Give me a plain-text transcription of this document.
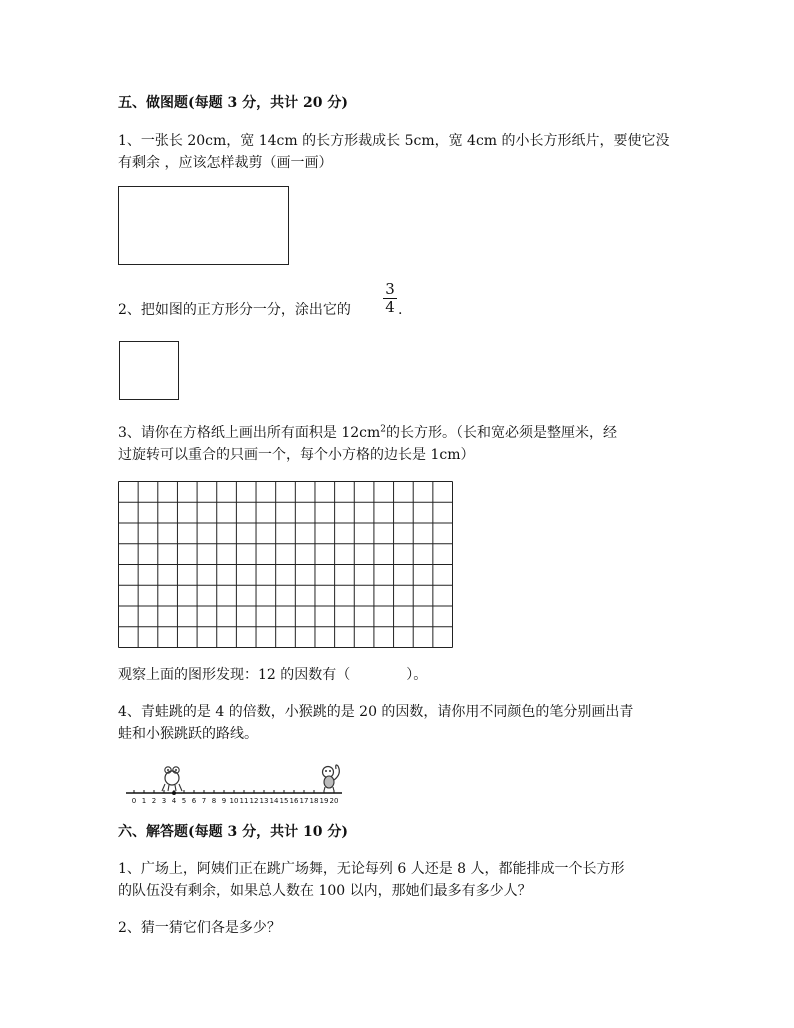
五、做图题(每题 3 分，共计 20 分)
1、一张长 20cm，宽 14cm 的长方形裁成长 5cm，宽 4cm 的小长方形纸片，要使它没
有剩余 ，应该怎样裁剪（画一画）
2、把如图的正方形分一分，涂出它的 $\frac{3}{4}$ .
3、请你在方格纸上画出所有面积是 $12cm^2$的长方形。（长和宽必须是整厘米，经
过旋转可以重合的只画一个，每个小方格的边长是 1cm）
观察上面的图形发现：12 的因数有（　　　　）。
4、青蛙跳的是 4 的倍数，小猴跳的是 20 的因数，请你用不同颜色的笔分别画出青
蛙和小猴跳跃的路线。
0 1 2 3 4 5 6 7 8 9 10 11 12 13 14 15 16 17 18 19 20
六、解答题(每题 3 分，共计 10 分)
1、广场上，阿姨们正在跳广场舞，无论每列 6 人还是 8 人，都能排成一个长方形
的队伍没有剩余，如果总人数在 100 以内，那她们最多有多少人？
2、猜一猜它们各是多少？
